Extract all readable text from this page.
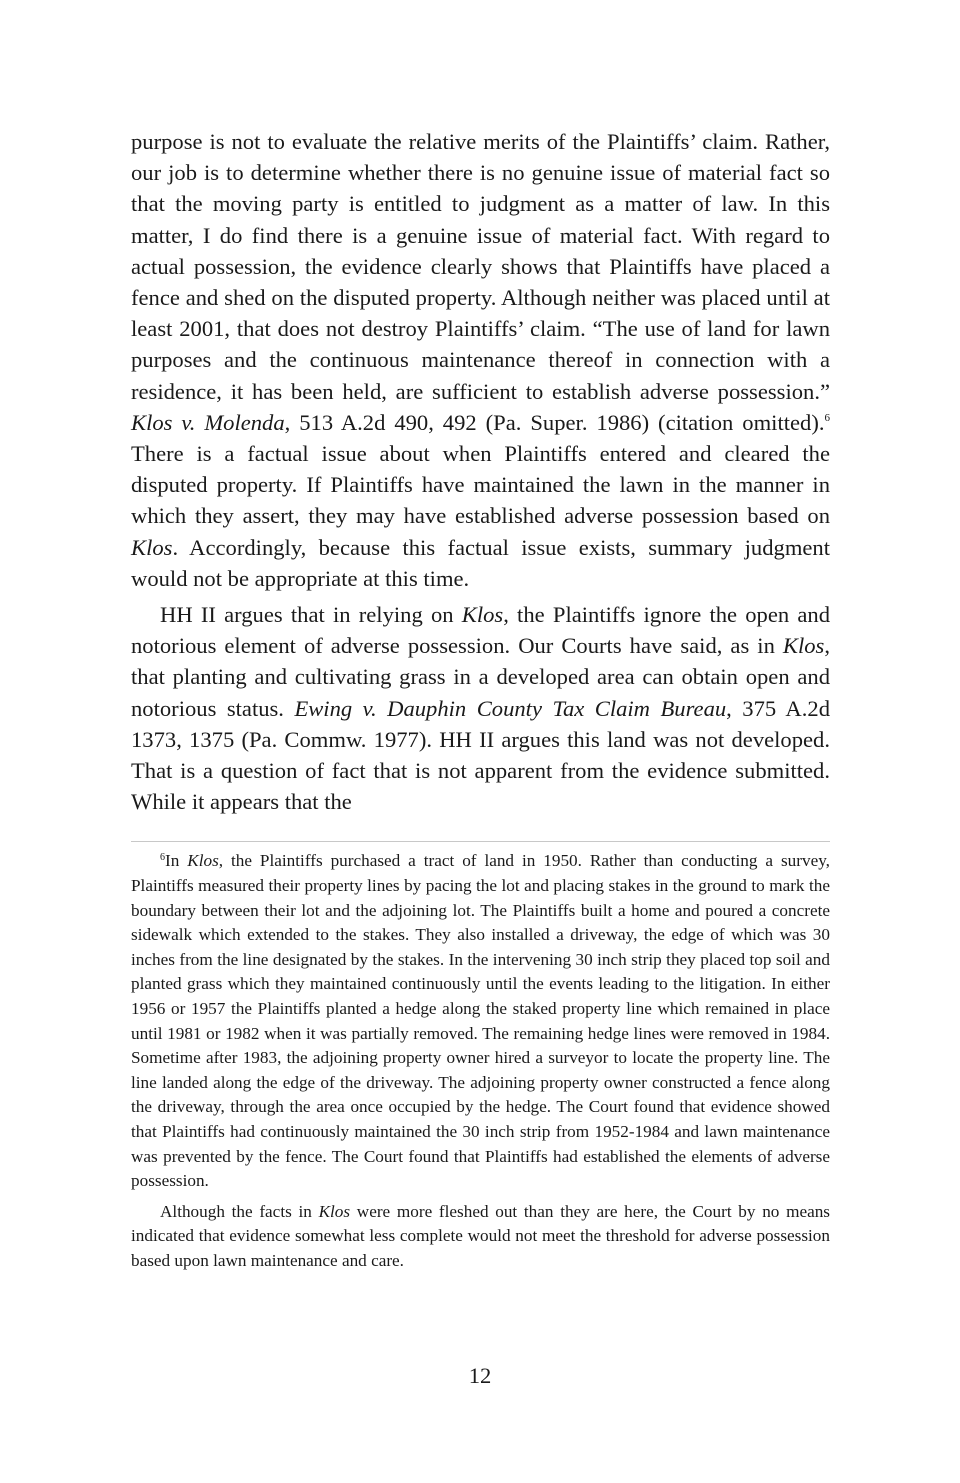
purpose is not to evaluate the relative merits of the Plaintiffs’ claim. Rather, our job is to determine whether there is no genuine issue of material fact so that the moving party is entitled to judgment as a matter of law. In this matter, I do find there is a genuine issue of material fact. With regard to actual possession, the evidence clearly shows that Plaintiffs have placed a fence and shed on the disputed property. Although neither was placed until at least 2001, that does not destroy Plaintiffs’ claim. “The use of land for lawn purposes and the continuous maintenance thereof in connection with a residence, it has been held, are sufficient to establish adverse possession.” Klos v. Molenda, 513 A.2d 490, 492 (Pa. Super. 1986) (citation omitted).$^6$ There is a factual issue about when Plaintiffs entered and cleared the disputed property. If Plaintiffs have maintained the lawn in the manner in which they assert, they may have established adverse possession based on Klos. Accordingly, because this factual issue exists, summary judgment would not be appropriate at this time.

HH II argues that in relying on Klos, the Plaintiffs ignore the open and notorious element of adverse possession. Our Courts have said, as in Klos, that planting and cultivating grass in a developed area can obtain open and notorious status. Ewing v. Dauphin County Tax Claim Bureau, 375 A.2d 1373, 1375 (Pa. Commw. 1977). HH II argues this land was not developed. That is a question of fact that is not apparent from the evidence submitted. While it appears that the

$^6$In Klos, the Plaintiffs purchased a tract of land in 1950. Rather than conducting a survey, Plaintiffs measured their property lines by pacing the lot and placing stakes in the ground to mark the boundary between their lot and the adjoining lot. The Plaintiffs built a home and poured a concrete sidewalk which extended to the stakes. They also installed a driveway, the edge of which was 30 inches from the line designated by the stakes. In the intervening 30 inch strip they placed top soil and planted grass which they maintained continuously until the events leading to the litigation. In either 1956 or 1957 the Plaintiffs planted a hedge along the staked property line which remained in place until 1981 or 1982 when it was partially removed. The remaining hedge lines were removed in 1984. Sometime after 1983, the adjoining property owner hired a surveyor to locate the property line. The line landed along the edge of the driveway. The adjoining property owner constructed a fence along the driveway, through the area once occupied by the hedge. The Court found that evidence showed that Plaintiffs had continuously maintained the 30 inch strip from 1952-1984 and lawn maintenance was prevented by the fence. The Court found that Plaintiffs had established the elements of adverse possession.

Although the facts in Klos were more fleshed out than they are here, the Court by no means indicated that evidence somewhat less complete would not meet the threshold for adverse possession based upon lawn maintenance and care.

12
